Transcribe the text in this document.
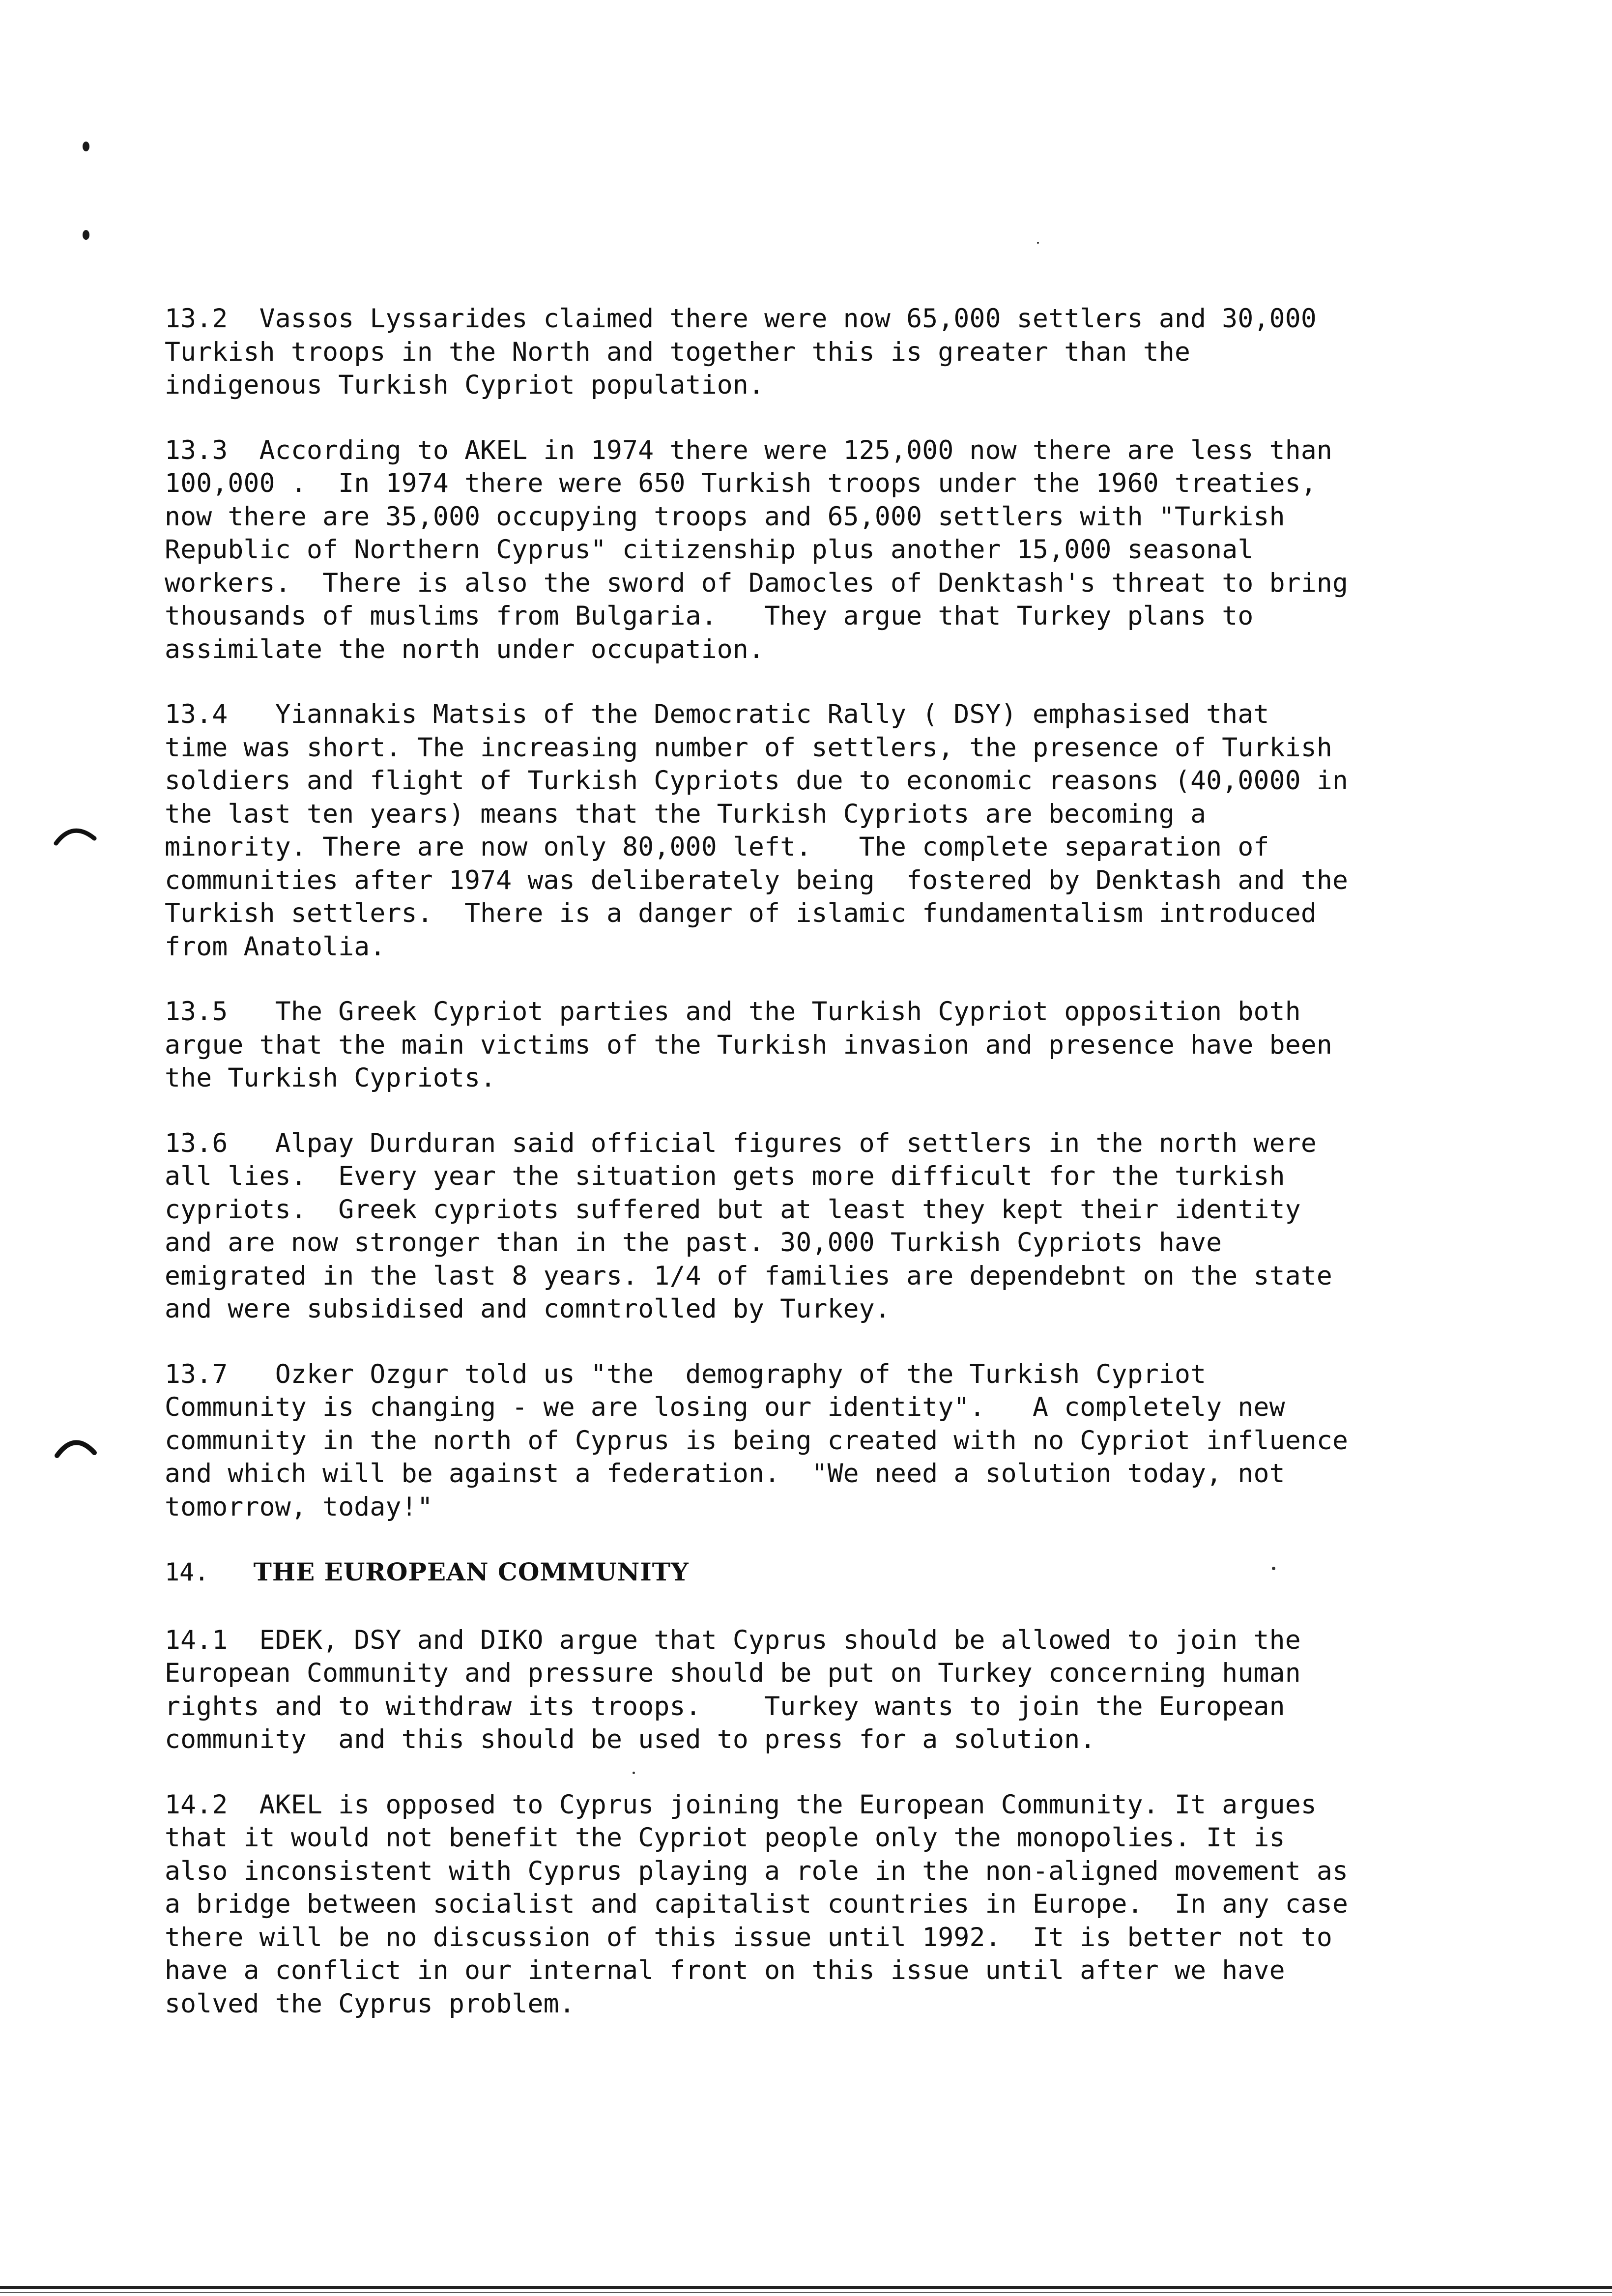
13.2  Vassos Lyssarides claimed there were now 65,000 settlers and 30,000
Turkish troops in the North and together this is greater than the
indigenous Turkish Cypriot population.
13.3  According to AKEL in 1974 there were 125,000 now there are less than
100,000 .  In 1974 there were 650 Turkish troops under the 1960 treaties,
now there are 35,000 occupying troops and 65,000 settlers with "Turkish
Republic of Northern Cyprus" citizenship plus another 15,000 seasonal
workers.  There is also the sword of Damocles of Denktash's threat to bring
thousands of muslims from Bulgaria.   They argue that Turkey plans to
assimilate the north under occupation.
13.4   Yiannakis Matsis of the Democratic Rally ( DSY) emphasised that
time was short. The increasing number of settlers, the presence of Turkish
soldiers and flight of Turkish Cypriots due to economic reasons (40,0000 in
the last ten years) means that the Turkish Cypriots are becoming a
minority. There are now only 80,000 left.   The complete separation of
communities after 1974 was deliberately being  fostered by Denktash and the
Turkish settlers.  There is a danger of islamic fundamentalism introduced
from Anatolia.
13.5   The Greek Cypriot parties and the Turkish Cypriot opposition both
argue that the main victims of the Turkish invasion and presence have been
the Turkish Cypriots.
13.6   Alpay Durduran said official figures of settlers in the north were
all lies.  Every year the situation gets more difficult for the turkish
cypriots.  Greek cypriots suffered but at least they kept their identity
and are now stronger than in the past. 30,000 Turkish Cypriots have
emigrated in the last 8 years. 1/4 of families are dependebnt on the state
and were subsidised and comntrolled by Turkey.
13.7   Ozker Ozgur told us "the  demography of the Turkish Cypriot
Community is changing - we are losing our identity".   A completely new
community in the north of Cyprus is being created with no Cypriot influence
and which will be against a federation.  "We need a solution today, not
tomorrow, today!"
14. THE EUROPEAN COMMUNITY
14.1  EDEK, DSY and DIKO argue that Cyprus should be allowed to join the
European Community and pressure should be put on Turkey concerning human
rights and to withdraw its troops.    Turkey wants to join the European
community  and this should be used to press for a solution.
14.2  AKEL is opposed to Cyprus joining the European Community. It argues
that it would not benefit the Cypriot people only the monopolies. It is
also inconsistent with Cyprus playing a role in the non-aligned movement as
a bridge between socialist and capitalist countries in Europe.  In any case
there will be no discussion of this issue until 1992.  It is better not to
have a conflict in our internal front on this issue until after we have
solved the Cyprus problem.
